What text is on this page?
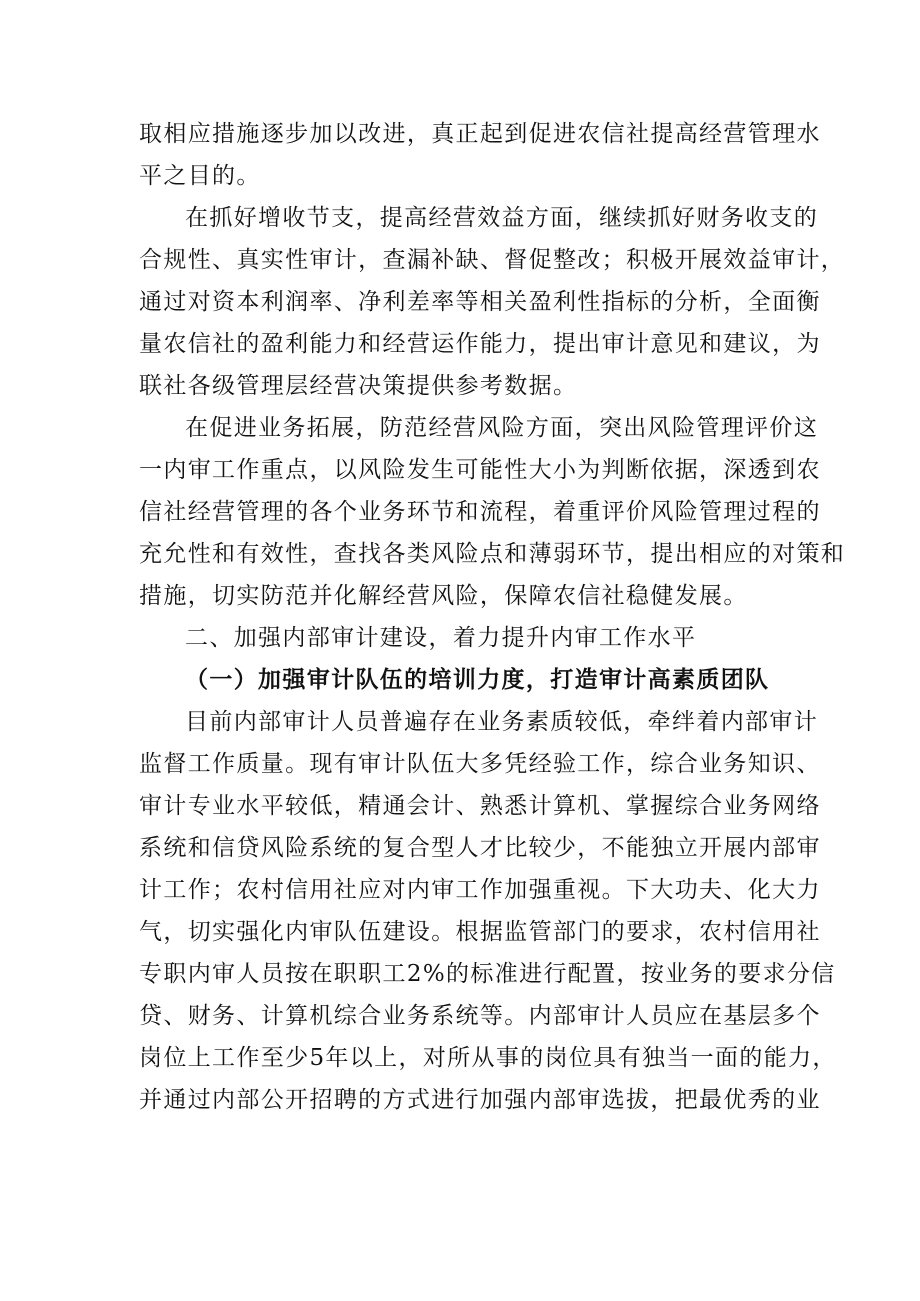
取相应措施逐步加以改进，真正起到促进农信社提高经营管理水
平之目的。
在抓好增收节支，提高经营效益方面，继续抓好财务收支的
合规性、真实性审计，查漏补缺、督促整改；积极开展效益审计，
通过对资本利润率、净利差率等相关盈利性指标的分析，全面衡
量农信社的盈利能力和经营运作能力，提出审计意见和建议，为
联社各级管理层经营决策提供参考数据。
在促进业务拓展，防范经营风险方面，突出风险管理评价这
一内审工作重点，以风险发生可能性大小为判断依据，深透到农
信社经营管理的各个业务环节和流程，着重评价风险管理过程的
充允性和有效性，查找各类风险点和薄弱环节，提出相应的对策和
措施，切实防范并化解经营风险，保障农信社稳健发展。
二、加强内部审计建设，着力提升内审工作水平
（一）加强审计队伍的培训力度，打造审计高素质团队
目前内部审计人员普遍存在业务素质较低，牵绊着内部审计
监督工作质量。现有审计队伍大多凭经验工作，综合业务知识、
审计专业水平较低，精通会计、熟悉计算机、掌握综合业务网络
系统和信贷风险系统的复合型人才比较少，不能独立开展内部审
计工作；农村信用社应对内审工作加强重视。下大功夫、化大力
气，切实强化内审队伍建设。根据监管部门的要求，农村信用社
专职内审人员按在职职工2%的标准进行配置，按业务的要求分信
贷、财务、计算机综合业务系统等。内部审计人员应在基层多个
岗位上工作至少5年以上，对所从事的岗位具有独当一面的能力，
并通过内部公开招聘的方式进行加强内部审选拔，把最优秀的业
